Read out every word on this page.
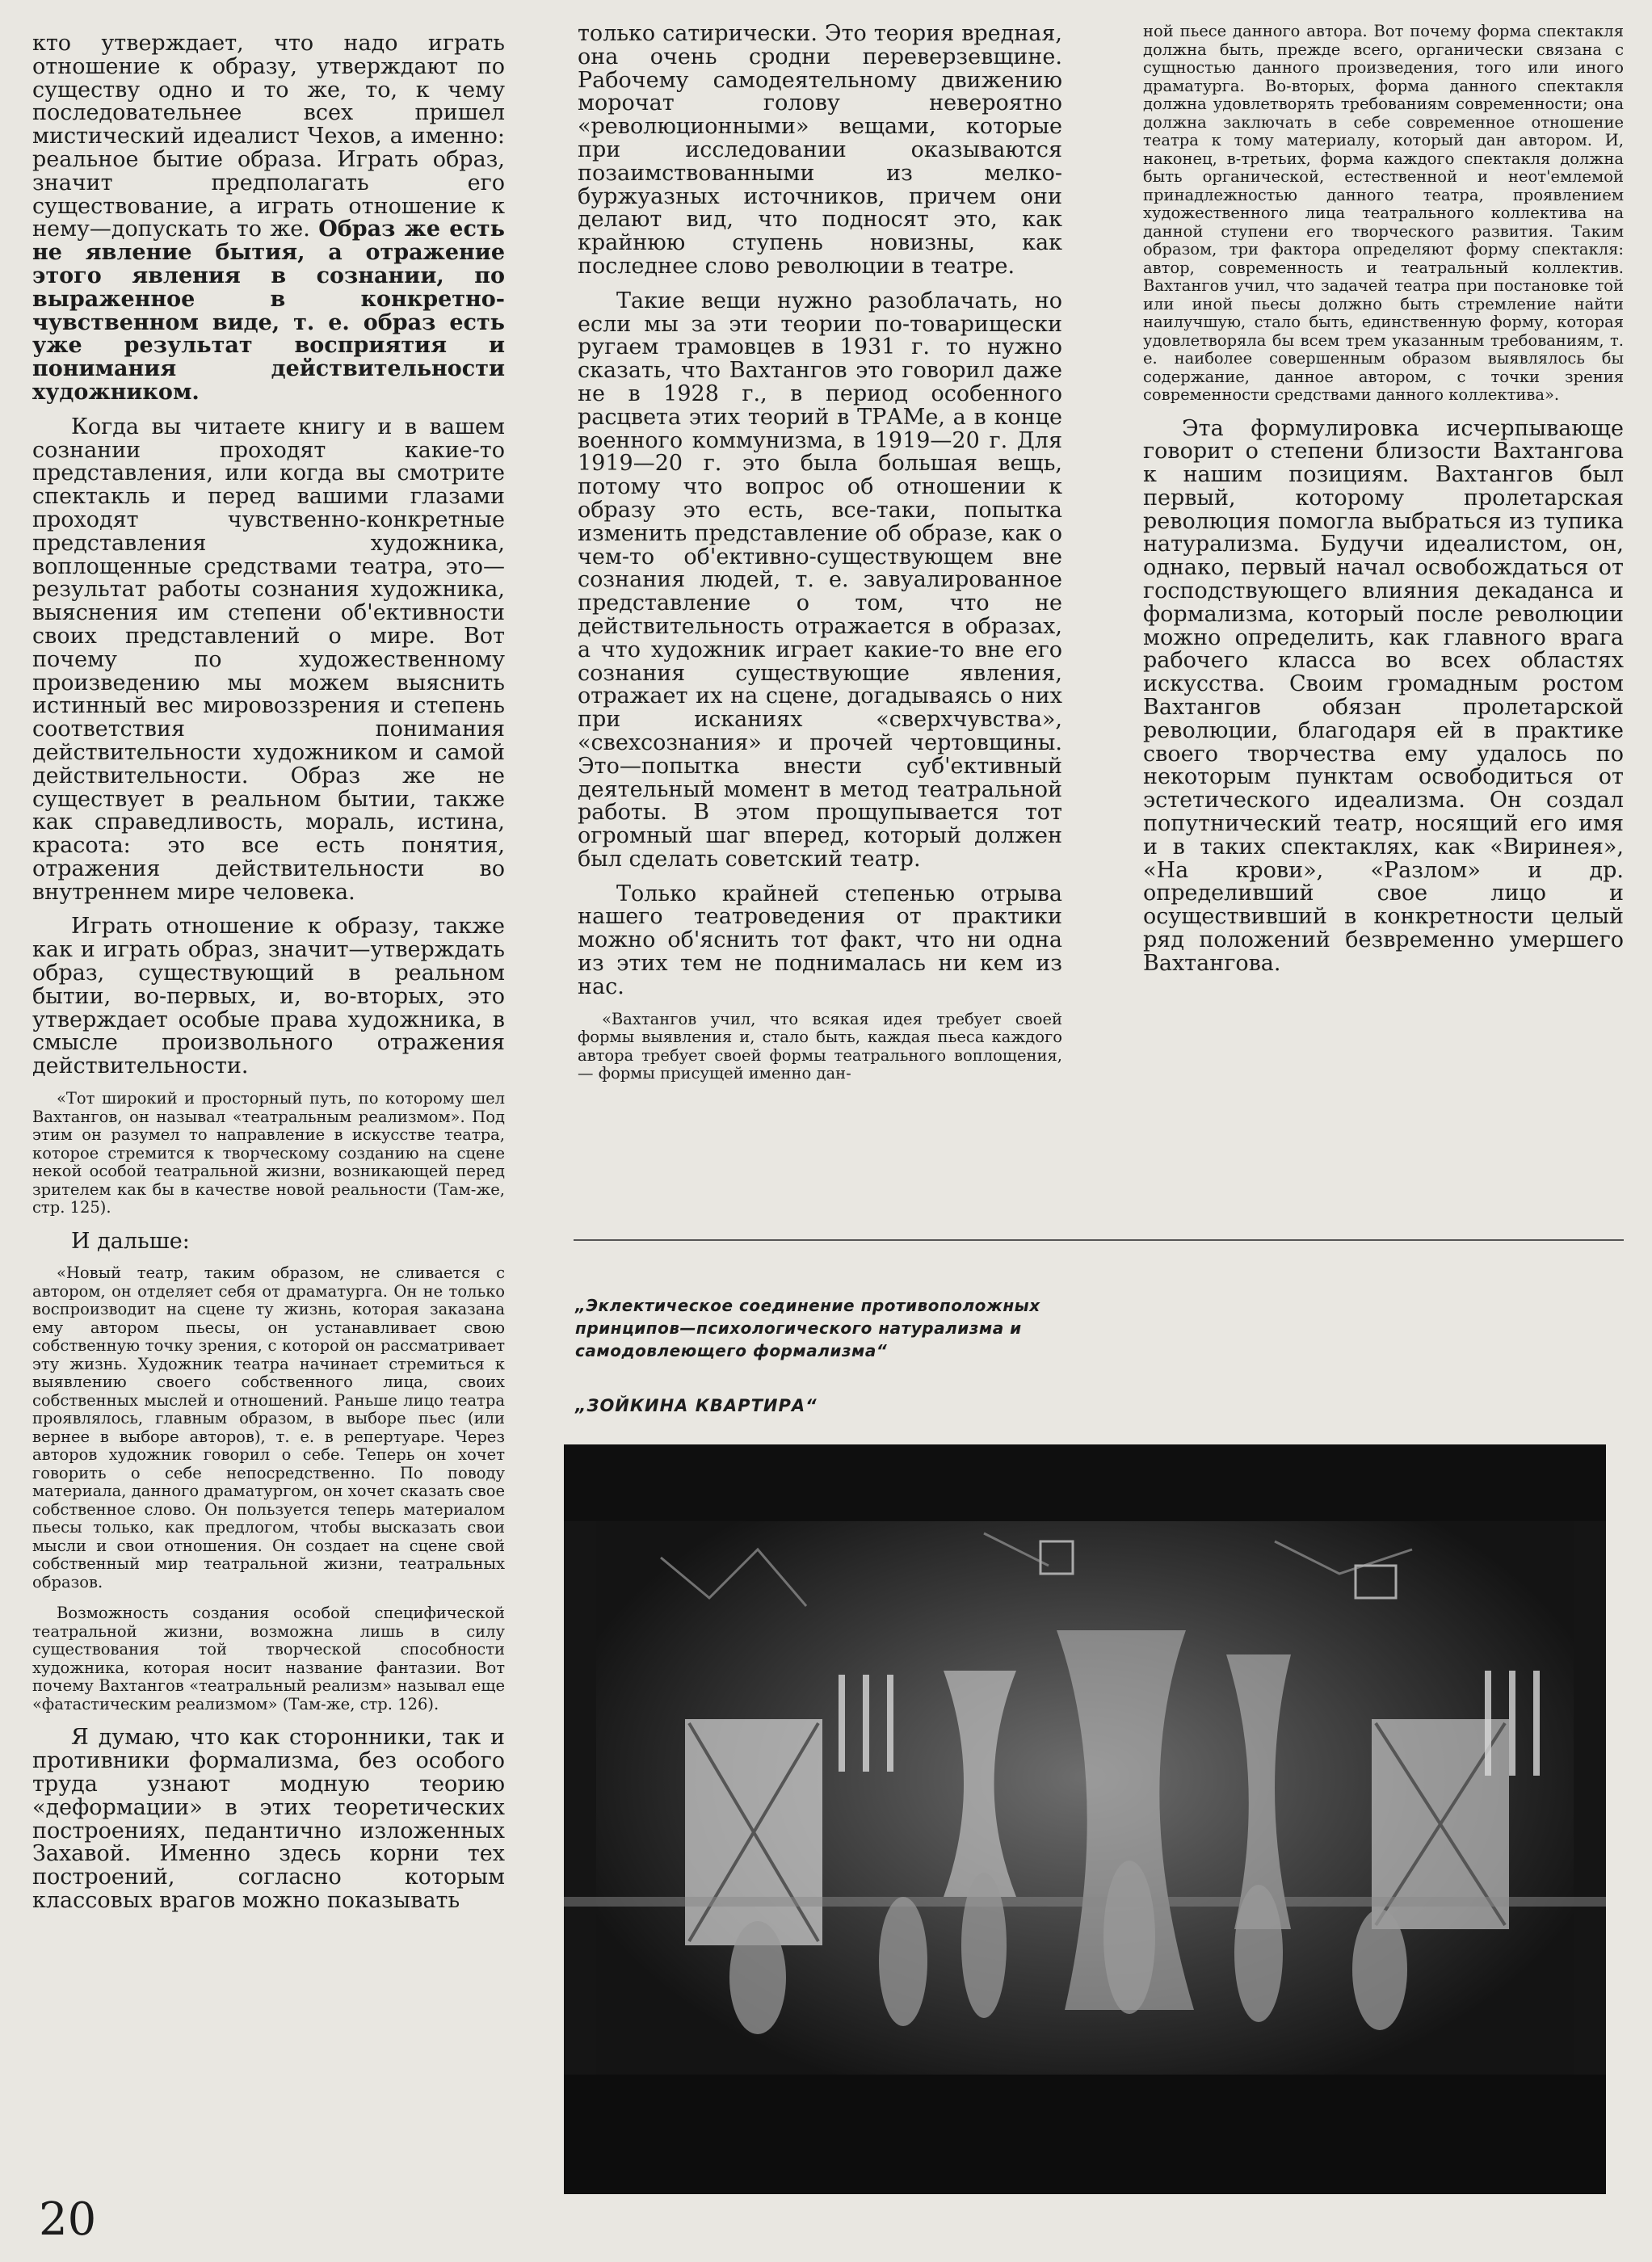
кто утверждает, что надо играть отношение к образу, утверждают по существу одно и то же, то, к чему последовательнее всех пришел мистический идеалист Чехов, а именно: реальное бытие образа. Играть образ, значит предполагать его существование, а играть отношение к нему—допускать то же. Образ же есть не явление бытия, а отражение этого явления в сознании, по выраженное в конкретно-чувственном виде, т. е. образ есть уже результат восприятия и понимания действительности художником.

Когда вы читаете книгу и в вашем сознании проходят какие-то представления, или когда вы смотрите спектакль и перед вашими глазами проходят чувственно-конкретные представления художника, воплощенные средствами театра, это—результат работы сознания художника, выяснения им степени об'ективности своих представлений о мире. Вот почему по художественному произведению мы можем выяснить истинный вес мировоззрения и степень соответствия понимания действительности художником и самой действительности. Образ же не существует в реальном бытии, также как справедливость, мораль, истина, красота: это все есть понятия, отражения действительности во внутреннем мире человека.

Играть отношение к образу, также как и играть образ, значит—утверждать образ, существующий в реальном бытии, во-первых, и, во-вторых, это утверждает особые права художника, в смысле произвольного отражения действительности.

«Тот широкий и просторный путь, по которому шел Вахтангов, он называл «театральным реализмом». Под этим он разумел то направление в искусстве театра, которое стремится к творческому созданию на сцене некой особой театральной жизни, возникающей перед зрителем как бы в качестве новой реальности (Там-же, стр. 125).

И дальше:

«Новый театр, таким образом, не сливается с автором, он отделяет себя от драматурга. Он не только воспроизводит на сцене ту жизнь, которая заказана ему автором пьесы, он устанавливает свою собственную точку зрения, с которой он рассматривает эту жизнь. Художник театра начинает стремиться к выявлению своего собственного лица, своих собственных мыслей и отношений. Раньше лицо театра проявлялось, главным образом, в выборе пьес (или вернее в выборе авторов), т. е. в репертуаре. Через авторов художник говорил о себе. Теперь он хочет говорить о себе непосредственно. По поводу материала, данного драматургом, он хочет сказать свое собственное слово. Он пользуется теперь материалом пьесы только, как предлогом, чтобы высказать свои мысли и свои отношения. Он создает на сцене свой собственный мир театральной жизни, театральных образов.

Возможность создания особой специфической театральной жизни, возможна лишь в силу существования той творческой способности художника, которая носит название фантазии. Вот почему Вахтангов «театральный реализм» называл еще «фатастическим реализмом» (Там-же, стр. 126).

Я думаю, что как сторонники, так и противники формализма, без особого труда узнают модную теорию «деформации» в этих теоретических построениях, педантично изложенных Захавой. Именно здесь корни тех построений, согласно которым классовых врагов можно показывать

только сатирически. Это теория вредная, она очень сродни переверзевщине. Рабочему самодеятельному движению морочат голову невероятно «революционными» вещами, которые при исследовании оказываются позаимствованными из мелко-буржуазных источников, причем они делают вид, что подносят это, как крайнюю ступень новизны, как последнее слово революции в театре.

Такие вещи нужно разоблачать, но если мы за эти теории по-товарищески ругаем трамовцев в 1931 г. то нужно сказать, что Вахтангов это говорил даже не в 1928 г., в период особенного расцвета этих теорий в ТРАМе, а в конце военного коммунизма, в 1919—20 г. Для 1919—20 г. это была большая вещь, потому что вопрос об отношении к образу это есть, все-таки, попытка изменить представление об образе, как о чем-то об'ективно-существующем вне сознания людей, т. е. завуалированное представление о том, что не действительность отражается в образах, а что художник играет какие-то вне его сознания существующие явления, отражает их на сцене, догадываясь о них при исканиях «сверхчувства», «свехсознания» и прочей чертовщины. Это—попытка внести суб'ективный деятельный момент в метод театральной работы. В этом прощупывается тот огромный шаг вперед, который должен был сделать советский театр.

Только крайней степенью отрыва нашего театроведения от практики можно об'яснить тот факт, что ни одна из этих тем не поднималась ни кем из нас.

«Вахтангов учил, что всякая идея требует своей формы выявления и, стало быть, каждая пьеса каждого автора требует своей формы театрального воплощения, — формы присущей именно дан-

ной пьесе данного автора. Вот почему форма спектакля должна быть, прежде всего, органически связана с сущностью данного произведения, того или иного драматурга. Во-вторых, форма данного спектакля должна удовлетворять требованиям современности; она должна заключать в себе современное отношение театра к тому материалу, который дан автором. И, наконец, в-третьих, форма каждого спектакля должна быть органической, естественной и неот'емлемой принадлежностью данного театра, проявлением художественного лица театрального коллектива на данной ступени его творческого развития. Таким образом, три фактора определяют форму спектакля: автор, современность и театральный коллектив. Вахтангов учил, что задачей театра при постановке той или иной пьесы должно быть стремление найти наилучшую, стало быть, единственную форму, которая удовлетворяла бы всем трем указанным требованиям, т. е. наиболее совершенным образом выявлялось бы содержание, данное автором, с точки зрения современности средствами данного коллектива».

Эта формулировка исчерпывающе говорит о степени близости Вахтангова к нашим позициям. Вахтангов был первый, которому пролетарская революция помогла выбраться из тупика натурализма. Будучи идеалистом, он, однако, первый начал освобождаться от господствующего влияния декаданса и формализма, который после революции можно определить, как главного врага рабочего класса во всех областях искусства. Своим громадным ростом Вахтангов обязан пролетарской революции, благодаря ей в практике своего творчества ему удалось по некоторым пунктам освободиться от эстетического идеализма. Он создал попутнический театр, носящий его имя и в таких спектаклях, как «Виринея», «На крови», «Разлом» и др. определивший свое лицо и осуществивший в конкретности целый ряд положений безвременно умершего Вахтангова.

„Эклектическое соединение противоположных принципов—психологического натурализма и самодовлеющего формализма“
„ЗОЙКИНА КВАРТИРА“
20
